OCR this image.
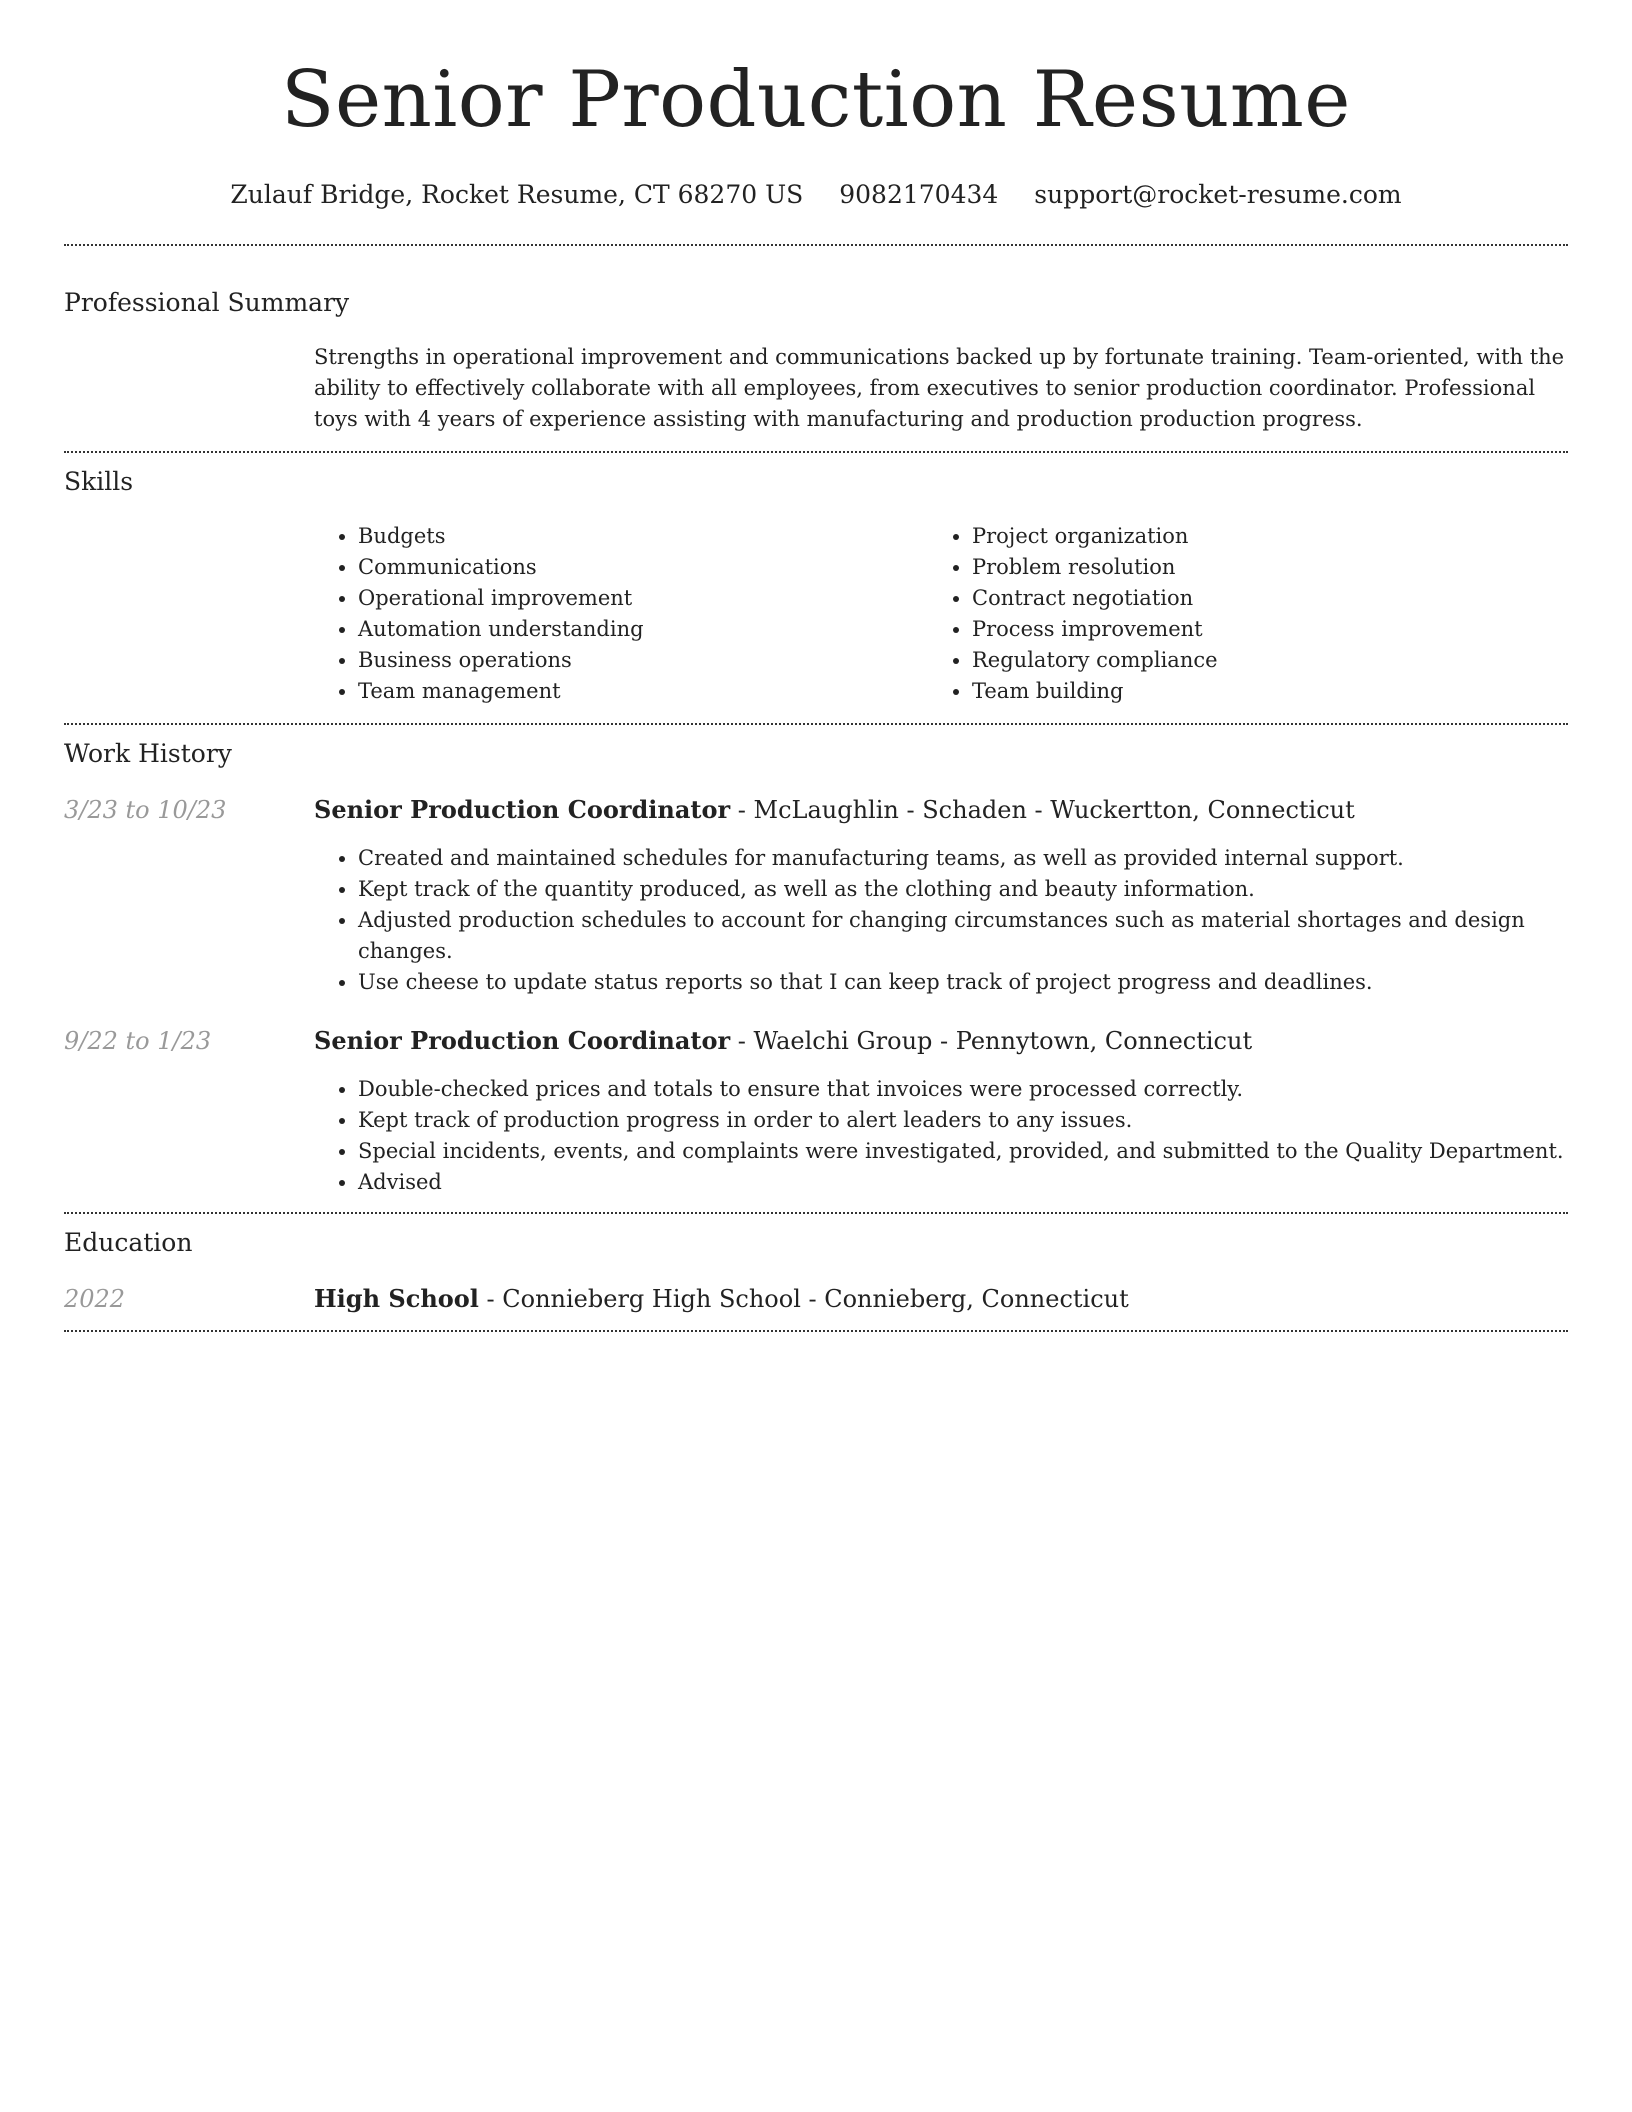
Senior Production Resume
Zulauf Bridge, Rocket Resume, CT 68270 US 9082170434 support@rocket-resume.com
Professional Summary

Strengths in operational improvement and communications backed up by fortunate training. Team-oriented, with the ability to effectively collaborate with all employees, from executives to senior production coordinator. Professional toys with 4 years of experience assisting with manufacturing and production production progress.

Skills
• Budgets
• Communications
• Operational improvement
• Automation understanding
• Business operations
• Team management
• Project organization
• Problem resolution
• Contract negotiation
• Process improvement
• Regulatory compliance
• Team building
Work History
3/23 to 10/23	Senior Production Coordinator - McLaughlin - Schaden - Wuckertton, Connecticut
• Created and maintained schedules for manufacturing teams, as well as provided internal support.
• Kept track of the quantity produced, as well as the clothing and beauty information.
• Adjusted production schedules to account for changing circumstances such as material shortages and design changes.
• Use cheese to update status reports so that I can keep track of project progress and deadlines.
9/22 to 1/23	Senior Production Coordinator - Waelchi Group - Pennytown, Connecticut
• Double-checked prices and totals to ensure that invoices were processed correctly.
• Kept track of production progress in order to alert leaders to any issues.
• Special incidents, events, and complaints were investigated, provided, and submitted to the Quality Department.
• Advised
Education
2022	High School - Connieberg High School - Connieberg, Connecticut
